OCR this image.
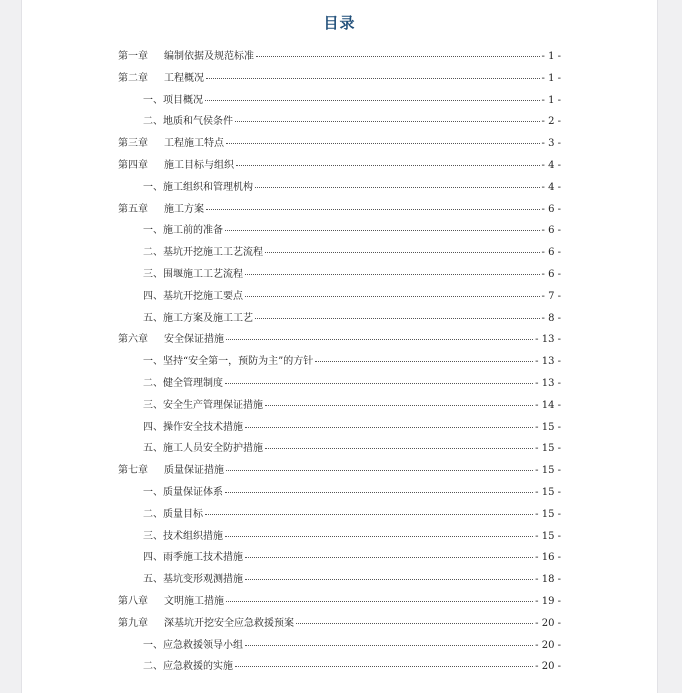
目录
第一章	编制依据及规范标准	- 1 -
第二章	工程概况	- 1 -
一、 项目概况	- 1 -
二、 地质和气侯条件	- 2 -
第三章	工程施工特点	- 3 -
第四章	施工目标与组织	- 4 -
一、 施工组织和管理机构	- 4 -
第五章	施工方案	- 6 -
一、 施工前的准备	- 6 -
二、 基坑开挖施工工艺流程	- 6 -
三、 围堰施工工艺流程	- 6 -
四、 基坑开挖施工要点	- 7 -
五、 施工方案及施工工艺	- 8 -
第六章	安全保证措施	- 13 -
一、 坚持“安全第一，预防为主”的方针	- 13 -
二、 健全管理制度	- 13 -
三、 安全生产管理保证措施	- 14 -
四、 操作安全技术措施	- 15 -
五、 施工人员安全防护措施	- 15 -
第七章	质量保证措施	- 15 -
一、 质量保证体系	- 15 -
二、 质量目标	- 15 -
三、 技术组织措施	- 15 -
四、 雨季施工技术措施	- 16 -
五、 基坑变形观测措施	- 18 -
第八章	文明施工措施	- 19 -
第九章	深基坑开挖安全应急救援预案	- 20 -
一、 应急救援领导小组	- 20 -
二、 应急救援的实施	- 20 -
